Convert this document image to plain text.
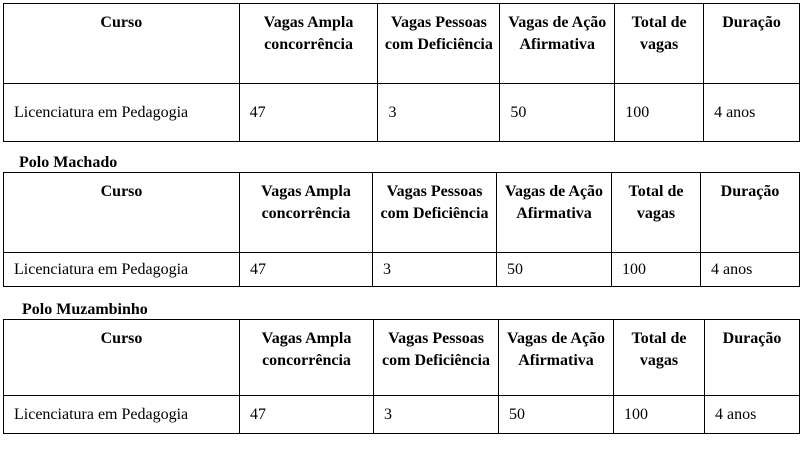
Curso	Vagas Ampla concorrência	Vagas Pessoas com Deficiência	Vagas de Ação Afirmativa	Total de vagas	Duração
Licenciatura em Pedagogia	47	3	50	100	4 anos
Polo Machado
Curso	Vagas Ampla concorrência	Vagas Pessoas com Deficiência	Vagas de Ação Afirmativa	Total de vagas	Duração
Licenciatura em Pedagogia	47	3	50	100	4 anos
Polo Muzambinho
Curso	Vagas Ampla concorrência	Vagas Pessoas com Deficiência	Vagas de Ação Afirmativa	Total de vagas	Duração
Licenciatura em Pedagogia	47	3	50	100	4 anos
